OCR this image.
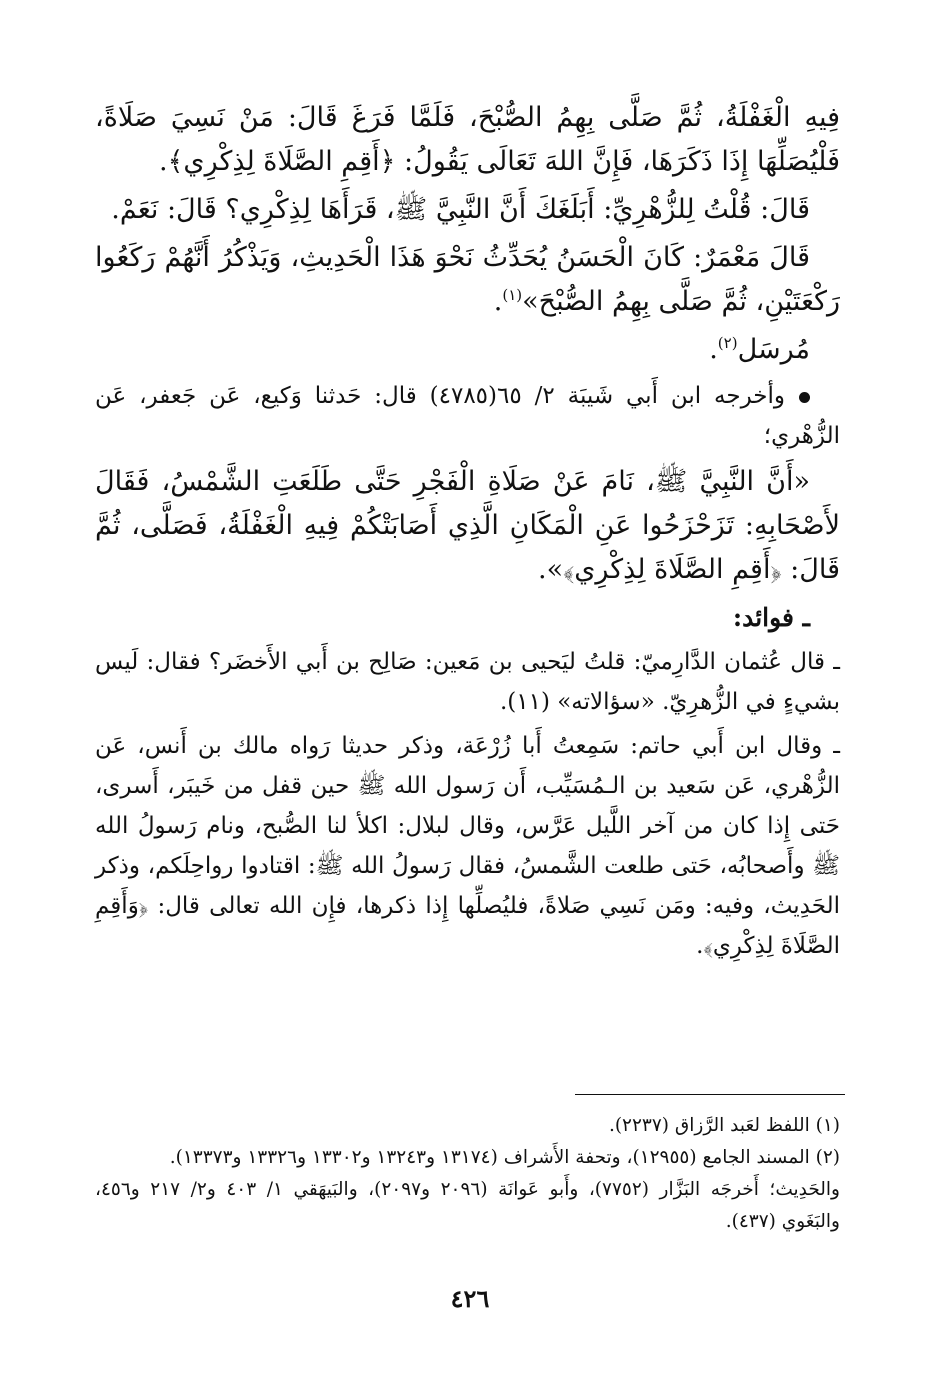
فِيهِ الْغَفْلَةُ، ثُمَّ صَلَّى بِهِمُ الصُّبْحَ، فَلَمَّا فَرَغَ قَالَ: مَنْ نَسِيَ صَلَاةً، فَلْيُصَلِّهَا إِذَا ذَكَرَهَا، فَإِنَّ اللهَ تَعَالَى يَقُولُ: ﴿أَقِمِ الصَّلَاةَ لِذِكْرِي﴾.

قَالَ: قُلْتُ لِلزُّهْرِيِّ: أَبَلَغَكَ أَنَّ النَّبِيَّ ﷺ، قَرَأَهَا لِذِكْرِي؟ قَالَ: نَعَمْ.

قَالَ مَعْمَرٌ: كَانَ الْحَسَنُ يُحَدِّثُ نَحْوَ هَذَا الْحَدِيثِ، وَيَذْكُرُ أَنَّهُمْ رَكَعُوا رَكْعَتَيْنِ، ثُمَّ صَلَّى بِهِمُ الصُّبْحَ»$^{(١)}$.

مُرسَل$^{(٢)}$.

وأخرجه ابن أَبي شَيبَة ٢/ ٦٥(٤٧٨٥) قال: حَدثنا وَكيع، عَن جَعفر، عَن الزُّهْري؛

«أَنَّ النَّبِيَّ ﷺ، نَامَ عَنْ صَلَاةِ الْفَجْرِ حَتَّى طَلَعَتِ الشَّمْسُ، فَقَالَ لأَصْحَابِهِ: تَزَحْزَحُوا عَنِ الْمَكَانِ الَّذِي أَصَابَتْكُمْ فِيهِ الْغَفْلَةُ، فَصَلَّى، ثُمَّ قَالَ: ﴿أَقِمِ الصَّلَاةَ لِذِكْرِي﴾».

ـ فوائد:

ـ قال عُثمان الدَّارِميّ: قلتُ ليَحيى بن مَعين: صَالِح بن أَبي الأَخضَر؟ فقال: لَيس بشيءٍ في الزُّهرِيّ. «سؤالاته» (١١).

ـ وقال ابن أَبي حاتم: سَمِعتُ أَبا زُرْعَة، وذكر حديثا رَواه مالك بن أَنس، عَن الزُّهْري، عَن سَعيد بن الـمُسَيِّب، أَن رَسول الله ﷺ حين قفل من خَيبَر، أَسرى، حَتى إِذا كان من آخر اللَّيل عَرَّس، وقال لبلال: اكلأ لنا الصُّبح، ونام رَسولُ الله ﷺ وأَصحابُه، حَتى طلعت الشَّمسُ، فقال رَسولُ الله ﷺ: اقتادوا رواحِلَكم، وذكر الحَدِيث، وفيه: ومَن نَسِي صَلاةً، فليُصلِّها إِذا ذكرها، فإِن الله تعالى قال: ﴿وَأَقِمِ الصَّلَاةَ لِذِكْرِي﴾.

(١) اللفظ لعَبد الرَّزاق (٢٢٣٧).

(٢) المسند الجامع (١٢٩٥٥)، وتحفة الأَشراف (١٣١٧٤ و١٣٢٤٣ و١٣٣٠٢ و١٣٣٢٦ و١٣٣٧٣).

والحَدِيث؛ أَخرجَه البَزَّار (٧٧٥٢)، وأَبو عَوانَة (٢٠٩٦ و٢٠٩٧)، والبَيهَقي ١/ ٤٠٣ و٢/ ٢١٧ و٤٥٦، والبَغَوي (٤٣٧).

٤٢٦
